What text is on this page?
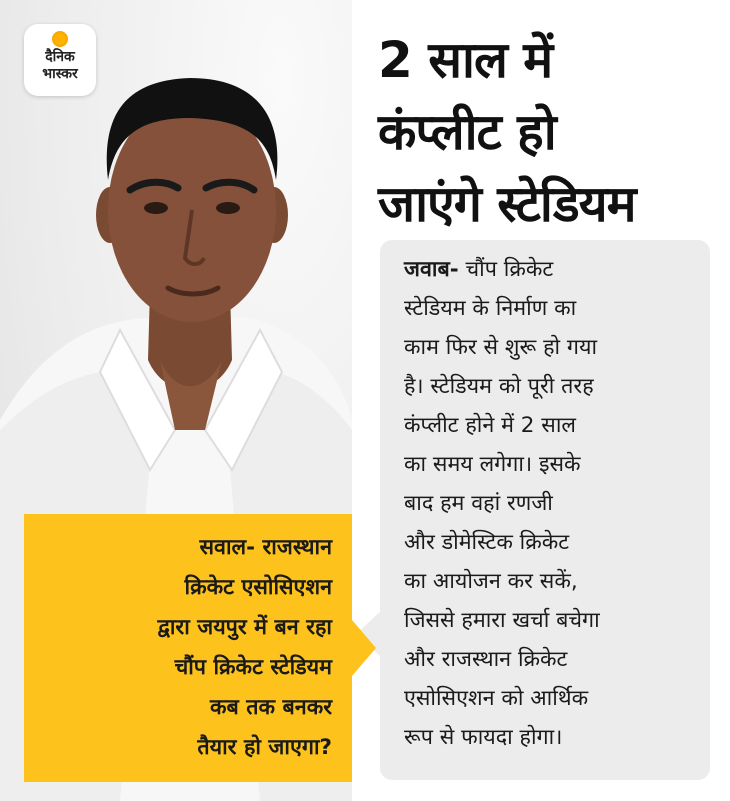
दैनिक
भास्कर	2 साल में
कंप्लीट हो
जाएंगे स्टेडियम
जवाब- चौंप क्रिकेट
स्टेडियम के निर्माण का
काम फिर से शुरू हो गया
है। स्टेडियम को पूरी तरह
कंप्लीट होने में 2 साल
का समय लगेगा। इसके
बाद हम वहां रणजी
और डोमेस्टिक क्रिकेट
का आयोजन कर सकें,
जिससे हमारा खर्चा बचेगा
और राजस्थान क्रिकेट
एसोसिएशन को आर्थिक
रूप से फायदा होगा।
सवाल- राजस्थान
क्रिकेट एसोसिएशन
द्वारा जयपुर में बन रहा
चौंप क्रिकेट स्टेडियम
कब तक बनकर
तैयार हो जाएगा?
